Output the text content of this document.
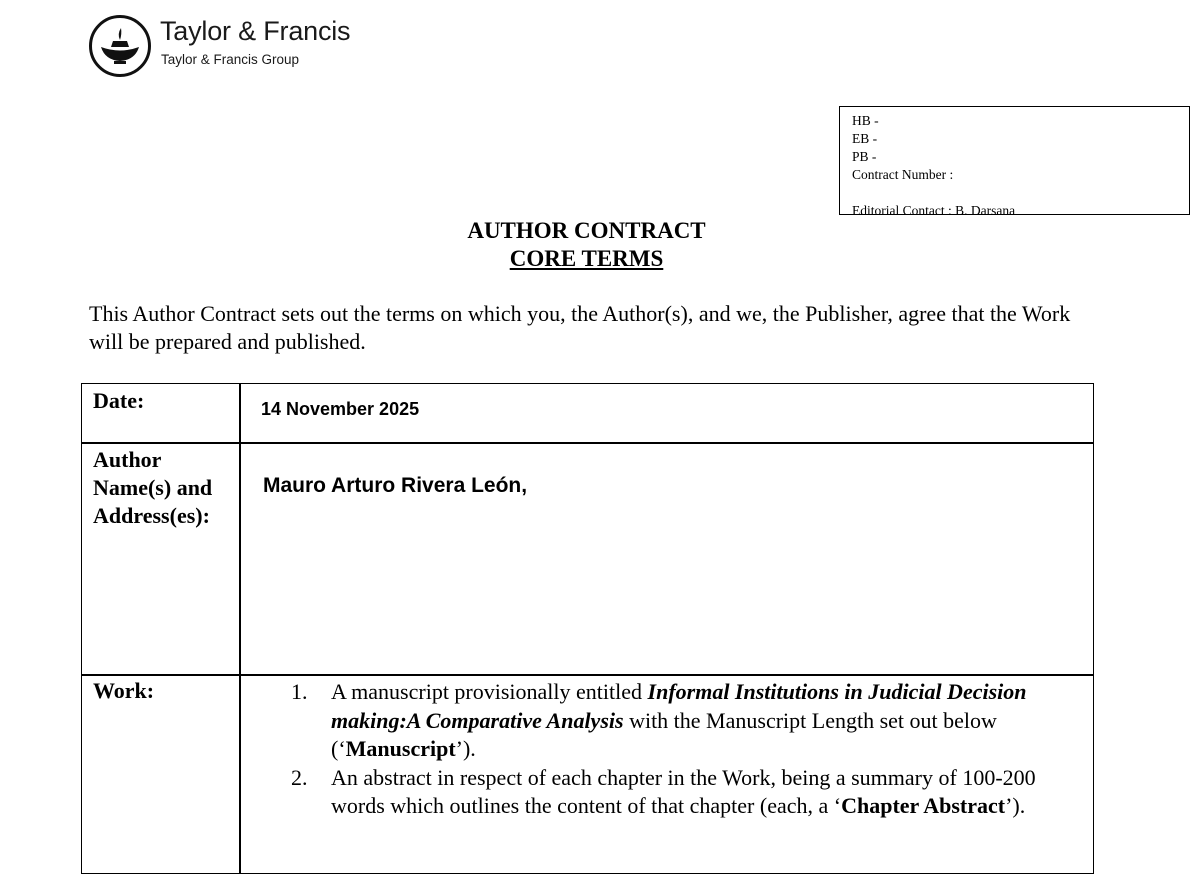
Taylor & Francis
Taylor & Francis Group
HB -
EB -
PB -
Contract Number :
Editorial Contact : B. Darsana
AUTHOR CONTRACT
CORE TERMS
This Author Contract sets out the terms on which you, the Author(s), and we, the Publisher, agree that the Work will be prepared and published.
Date:	14 November 2025
Author
Name(s) and
Address(es):
Mauro Arturo Rivera León,
Work:	1. A manuscript provisionally entitled Informal Institutions in Judicial Decision making:A Comparative Analysis with the Manuscript Length set out below (‘Manuscript’).
2. An abstract in respect of each chapter in the Work, being a summary of 100-200 words which outlines the content of that chapter (each, a ‘Chapter Abstract’).
